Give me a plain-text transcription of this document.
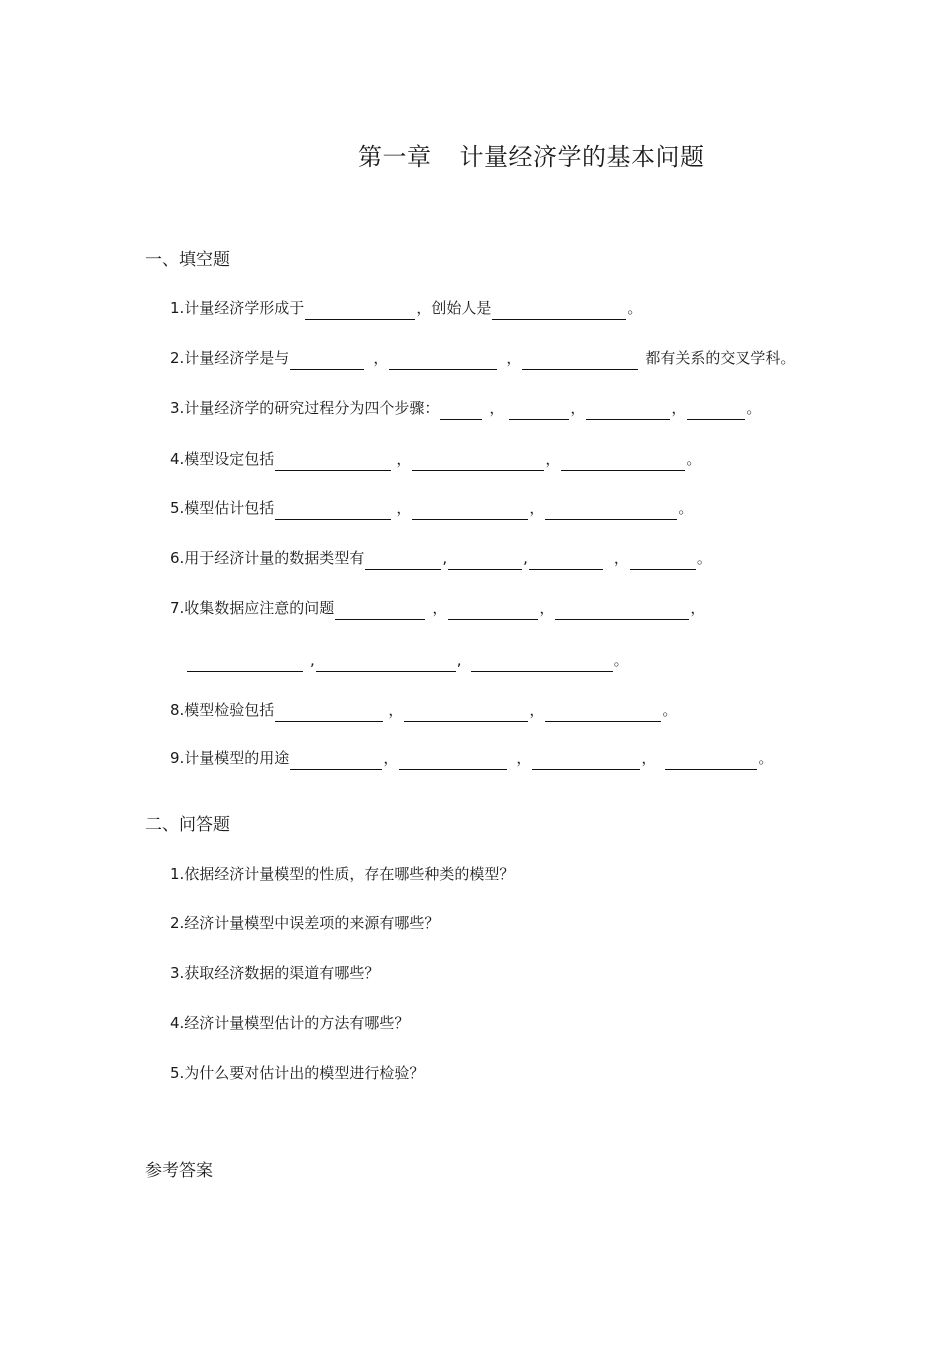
第一章 计量经济学的基本问题
一、填空题
1.计量经济学形成于	，创始人是	。
2.计量经济学是与	，	，	都有关系的交叉学科。
3.计量经济学的研究过程分为四个步骤：	，	，	，	。
4.模型设定包括	，	，	。
5.模型估计包括	，	，	。
6.用于经济计量的数据类型有	,	,	，	。
7.收集数据应注意的问题	，	，	，
,	,	。
8.模型检验包括	，	，	。
9.计量模型的用途	，	，	，	。
二、问答题
1.依据经济计量模型的性质，存在哪些种类的模型？
2.经济计量模型中误差项的来源有哪些？
3.获取经济数据的渠道有哪些？
4.经济计量模型估计的方法有哪些？
5.为什么要对估计出的模型进行检验？
参考答案
